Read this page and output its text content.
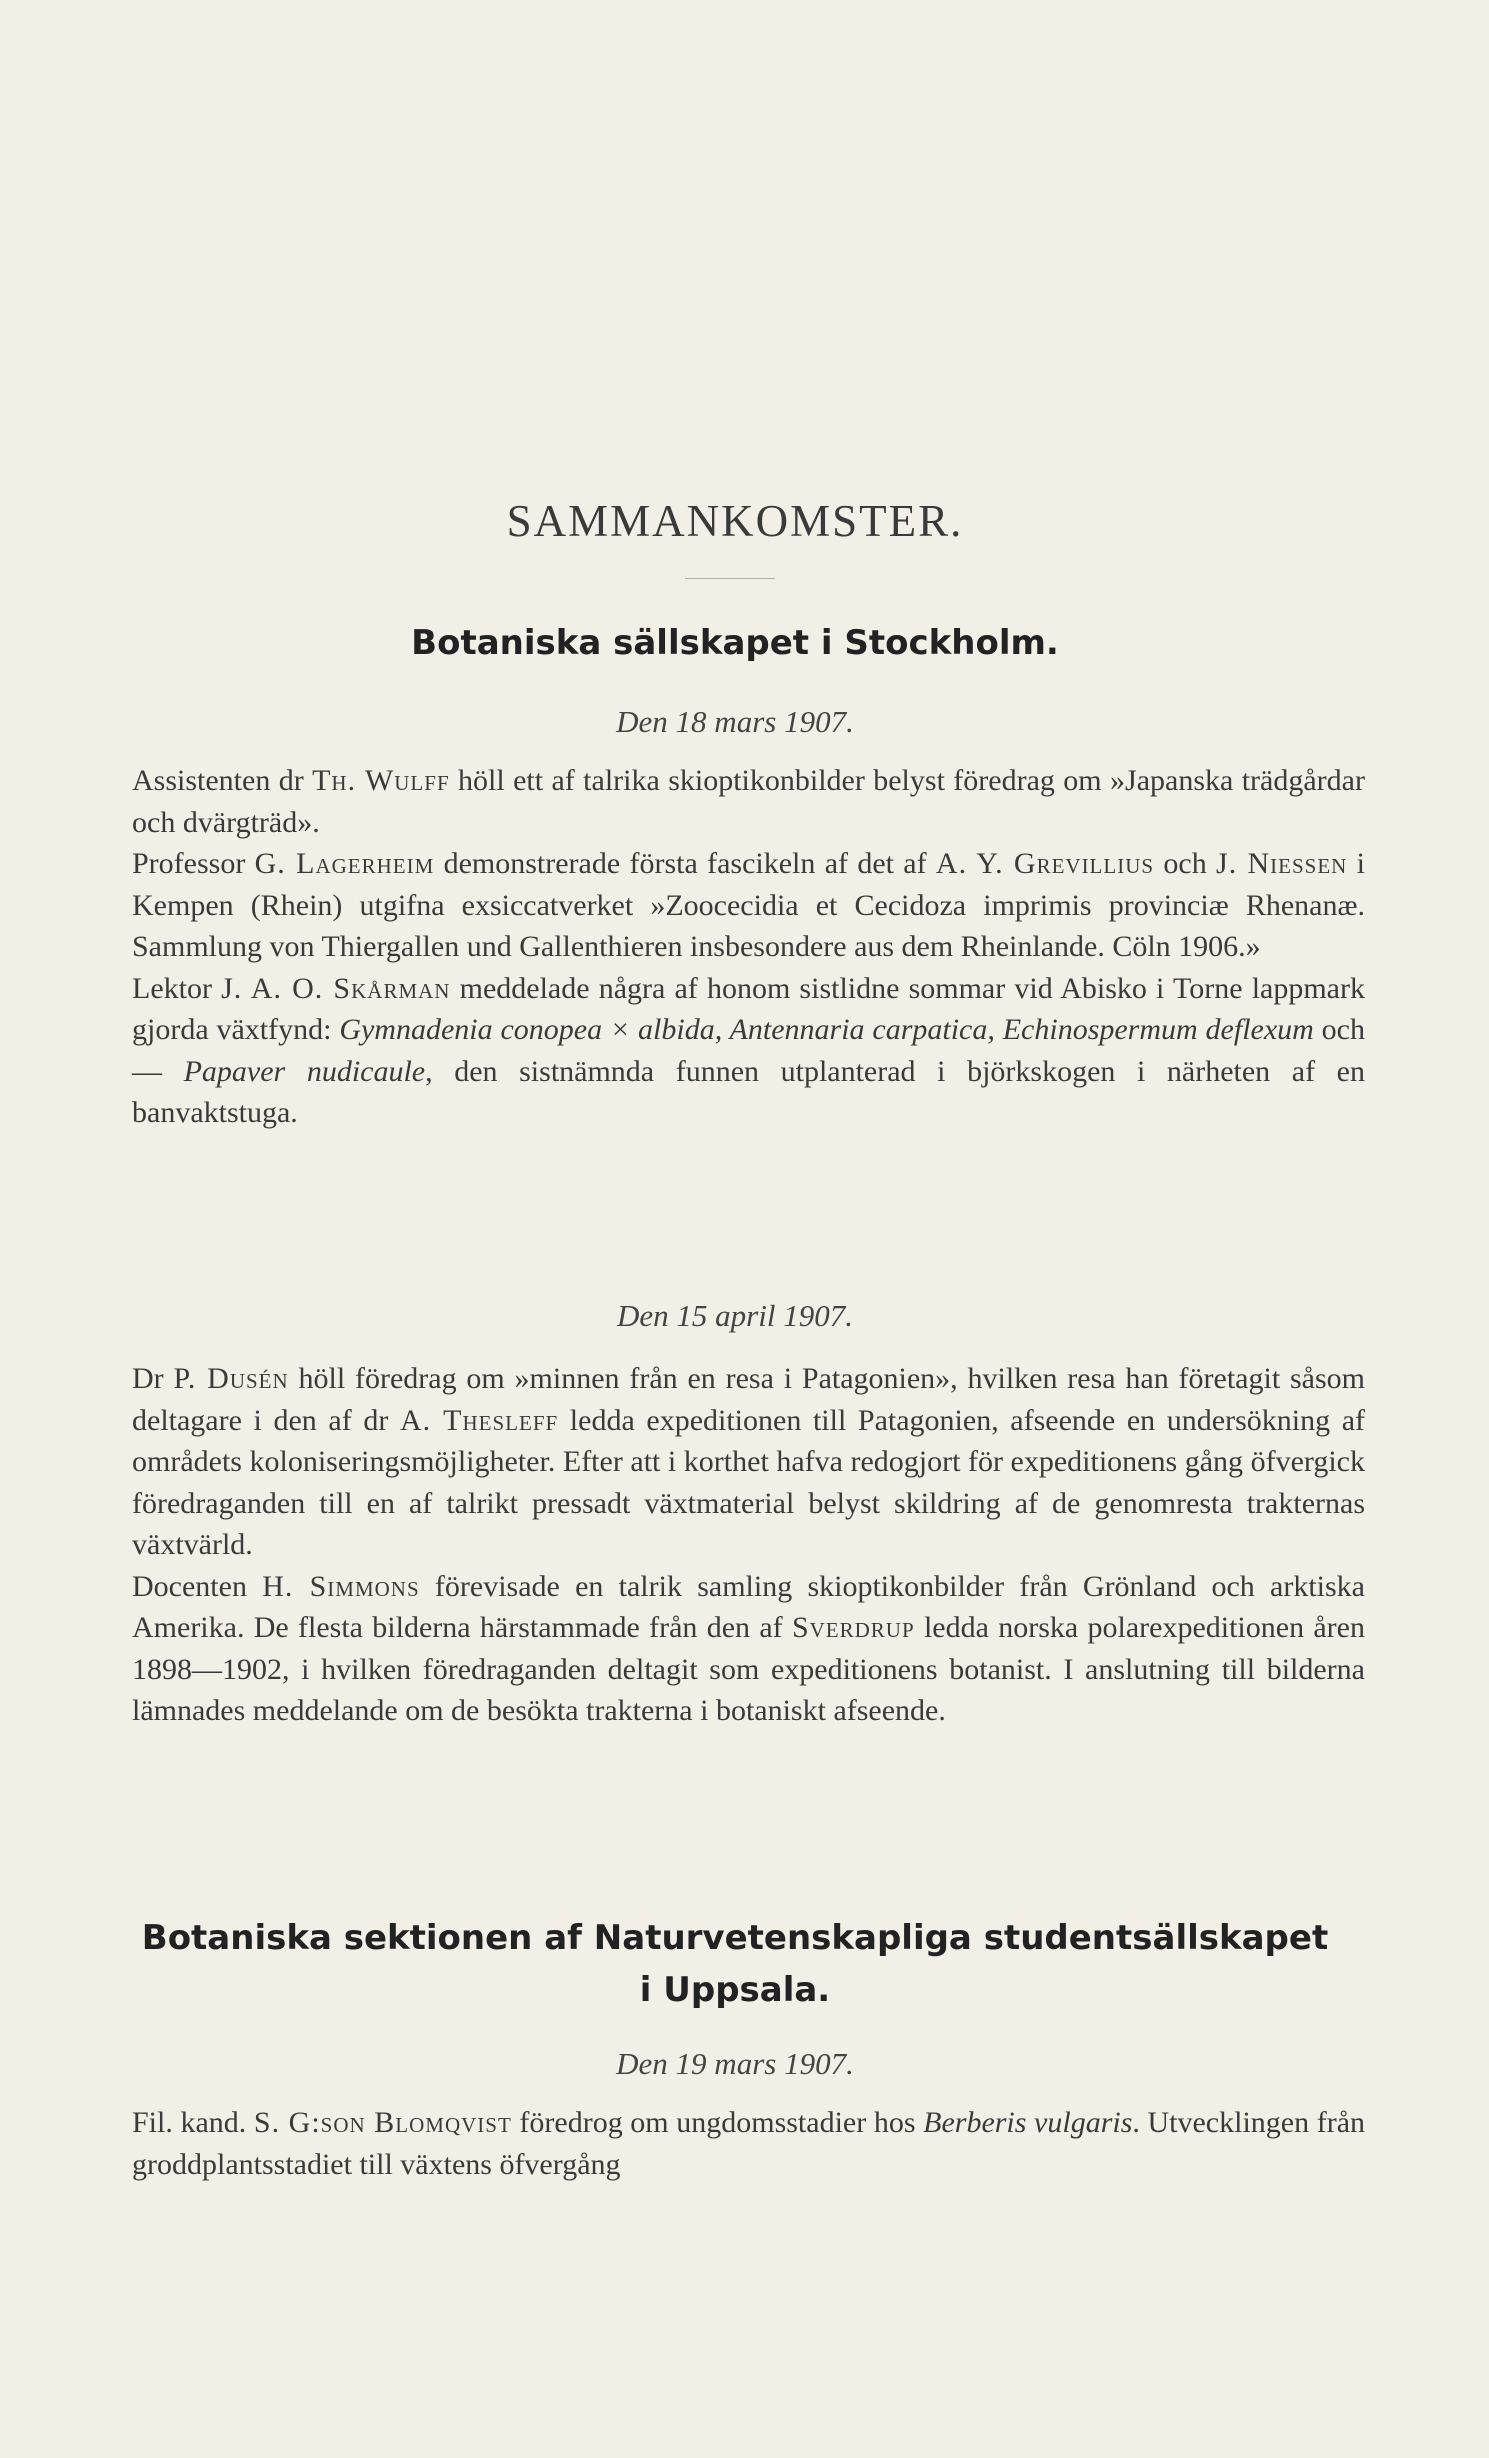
SAMMANKOMSTER.
Botaniska sällskapet i Stockholm.
Den 18 mars 1907.
Assistenten dr Th. Wulff höll ett af talrika skioptikonbilder belyst föredrag om »Japanska trädgårdar och dvärgträd».
Professor G. Lagerheim demonstrerade första fascikeln af det af A. Y. Grevillius och J. Niessen i Kempen (Rhein) utgifna exsiccatverket »Zoocecidia et Cecidoza imprimis provinciæ Rhenanæ. Sammlung von Thiergallen und Gallenthieren insbesondere aus dem Rheinlande. Cöln 1906.»
Lektor J. A. O. Skårman meddelade några af honom sistlidne sommar vid Abisko i Torne lappmark gjorda växtfynd: Gymnadenia conopea × albida, Antennaria carpatica, Echinospermum deflexum och — Papaver nudicaule, den sistnämnda funnen utplanterad i björkskogen i närheten af en banvaktstuga.
Den 15 april 1907.
Dr P. Dusén höll föredrag om »minnen från en resa i Patagonien», hvilken resa han företagit såsom deltagare i den af dr A. Thesleff ledda expeditionen till Patagonien, afseende en undersökning af områdets koloniseringsmöjligheter. Efter att i korthet hafva redogjort för expeditionens gång öfvergick föredraganden till en af talrikt pressadt växtmaterial belyst skildring af de genomresta trakternas växtvärld.
Docenten H. Simmons förevisade en talrik samling skioptikonbilder från Grönland och arktiska Amerika. De flesta bilderna härstammade från den af Sverdrup ledda norska polarexpeditionen åren 1898—1902, i hvilken föredraganden deltagit som expeditionens botanist. I anslutning till bilderna lämnades meddelande om de besökta trakterna i botaniskt afseende.
Botaniska sektionen af Naturvetenskapliga studentsällskapet
i Uppsala.
Den 19 mars 1907.
Fil. kand. S. G:son Blomqvist föredrog om ungdomsstadier hos Berberis vulgaris. Utvecklingen från groddplantsstadiet till växtens öfvergång
